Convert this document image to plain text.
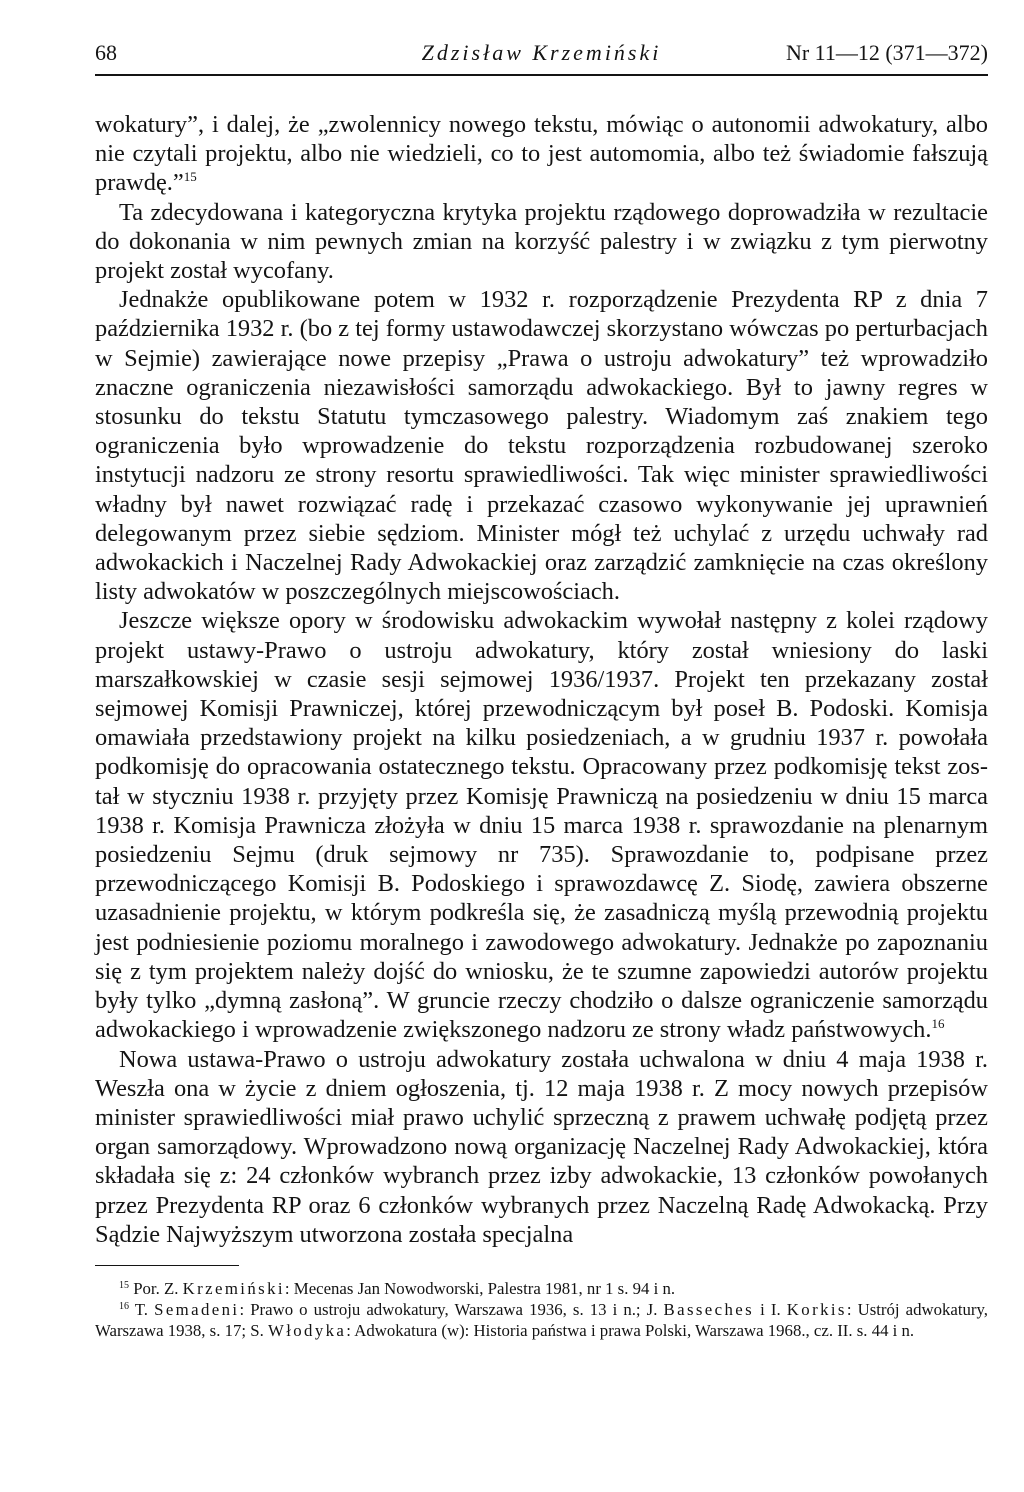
68	Zdzisław Krzemiński	Nr 11—12 (371—372)

wokatury”, i dalej, że „zwolennicy nowego tekstu, mówiąc o autonomii adwokatury, albo nie czytali projektu, albo nie wiedzieli, co to jest automomia, albo też świadomie fałszują prawdę.”$^{15}$

Ta zdecydowana i kategoryczna krytyka projektu rządowego doprowadziła w rezultacie do dokonania w nim pewnych zmian na korzyść palestry i w związku z tym pierwotny projekt został wycofany.

Jednakże opublikowane potem w 1932 r. rozporządzenie Prezydenta RP z dnia 7 października 1932 r. (bo z tej formy ustawodawczej skorzystano wówczas po perturbacjach w Sejmie) zawierające nowe przepisy „Prawa o ustroju adwokatury” też wprowadziło znaczne ograniczenia niezawisłości samorządu adwokackiego. Był to jawny regres w stosunku do tekstu Statutu tymczasowego palestry. Wiadomym zaś znakiem tego ograniczenia było wprowadzenie do tekstu rozporządzenia rozbudowanej szeroko instytucji nadzoru ze strony resortu sprawiedliwości. Tak więc minister sprawiedliwości władny był nawet rozwiązać radę i przekazać czasowo wykonywanie jej uprawnień delegowanym przez siebie sędziom. Minister mógł też uchylać z urzędu uchwały rad adwokackich i Naczelnej Rady Adwokackiej oraz zarządzić zamknięcie na czas określony listy adwokatów w poszczególnych miejscowościach.

Jeszcze większe opory w środowisku adwokackim wywołał następny z kolei rządowy projekt ustawy-Prawo o ustroju adwokatury, który został wniesiony do laski marszałkowskiej w czasie sesji sejmowej 1936/1937. Projekt ten przekazany został sejmowej Komisji Prawniczej, której przewodniczącym był poseł B. Podoski. Komisja omawiała przedstawiony projekt na kilku posiedzeniach, a w grudniu 1937 r. powołała podkomisję do opracowania ostatecznego tekstu. Opracowany przez podkomisję tekst został w styczniu 1938 r. przyjęty przez Komisję Prawniczą na posiedzeniu w dniu 15 marca 1938 r. Komisja Prawnicza złożyła w dniu 15 marca 1938 r. sprawozdanie na plenarnym posiedzeniu Sejmu (druk sejmowy nr 735). Sprawozdanie to, podpisane przez przewodniczącego Komisji B. Podoskiego i sprawozdawcę Z. Siodę, zawiera obszerne uzasadnienie projektu, w którym podkreśla się, że zasadniczą myślą przewodnią projektu jest podniesienie poziomu moralnego i zawodowego adwokatury. Jednakże po zapoznaniu się z tym projektem należy dojść do wniosku, że te szumne zapowiedzi autorów projektu były tylko „dymną zasłoną”. W gruncie rzeczy chodziło o dalsze ograniczenie samorządu adwokackiego i wprowadzenie zwiększonego nadzoru ze strony władz państwowych.$^{16}$

Nowa ustawa-Prawo o ustroju adwokatury została uchwalona w dniu 4 maja 1938 r. Weszła ona w życie z dniem ogłoszenia, tj. 12 maja 1938 r. Z mocy nowych przepisów minister sprawiedliwości miał prawo uchylić sprzeczną z prawem uchwałę podjętą przez organ samorządowy. Wprowadzono nową organizację Naczelnej Rady Adwokackiej, która składała się z: 24 członków wybranch przez izby adwokackie, 13 członków powołanych przez Prezydenta RP oraz 6 członków wybranych przez Naczelną Radę Adwokacką. Przy Sądzie Najwyższym utworzona została specjalna

$^{15}$ Por. Z. Krzemiński: Mecenas Jan Nowodworski, Palestra 1981, nr 1 s. 94 i n.

$^{16}$ T. Semadeni: Prawo o ustroju adwokatury, Warszawa 1936, s. 13 i n.; J. Basseches i I. Korkis: Ustrój adwokatury, Warszawa 1938, s. 17; S. Włodyka: Adwokatura (w): Historia państwa i prawa Polski, Warszawa 1968., cz. II. s. 44 i n.
